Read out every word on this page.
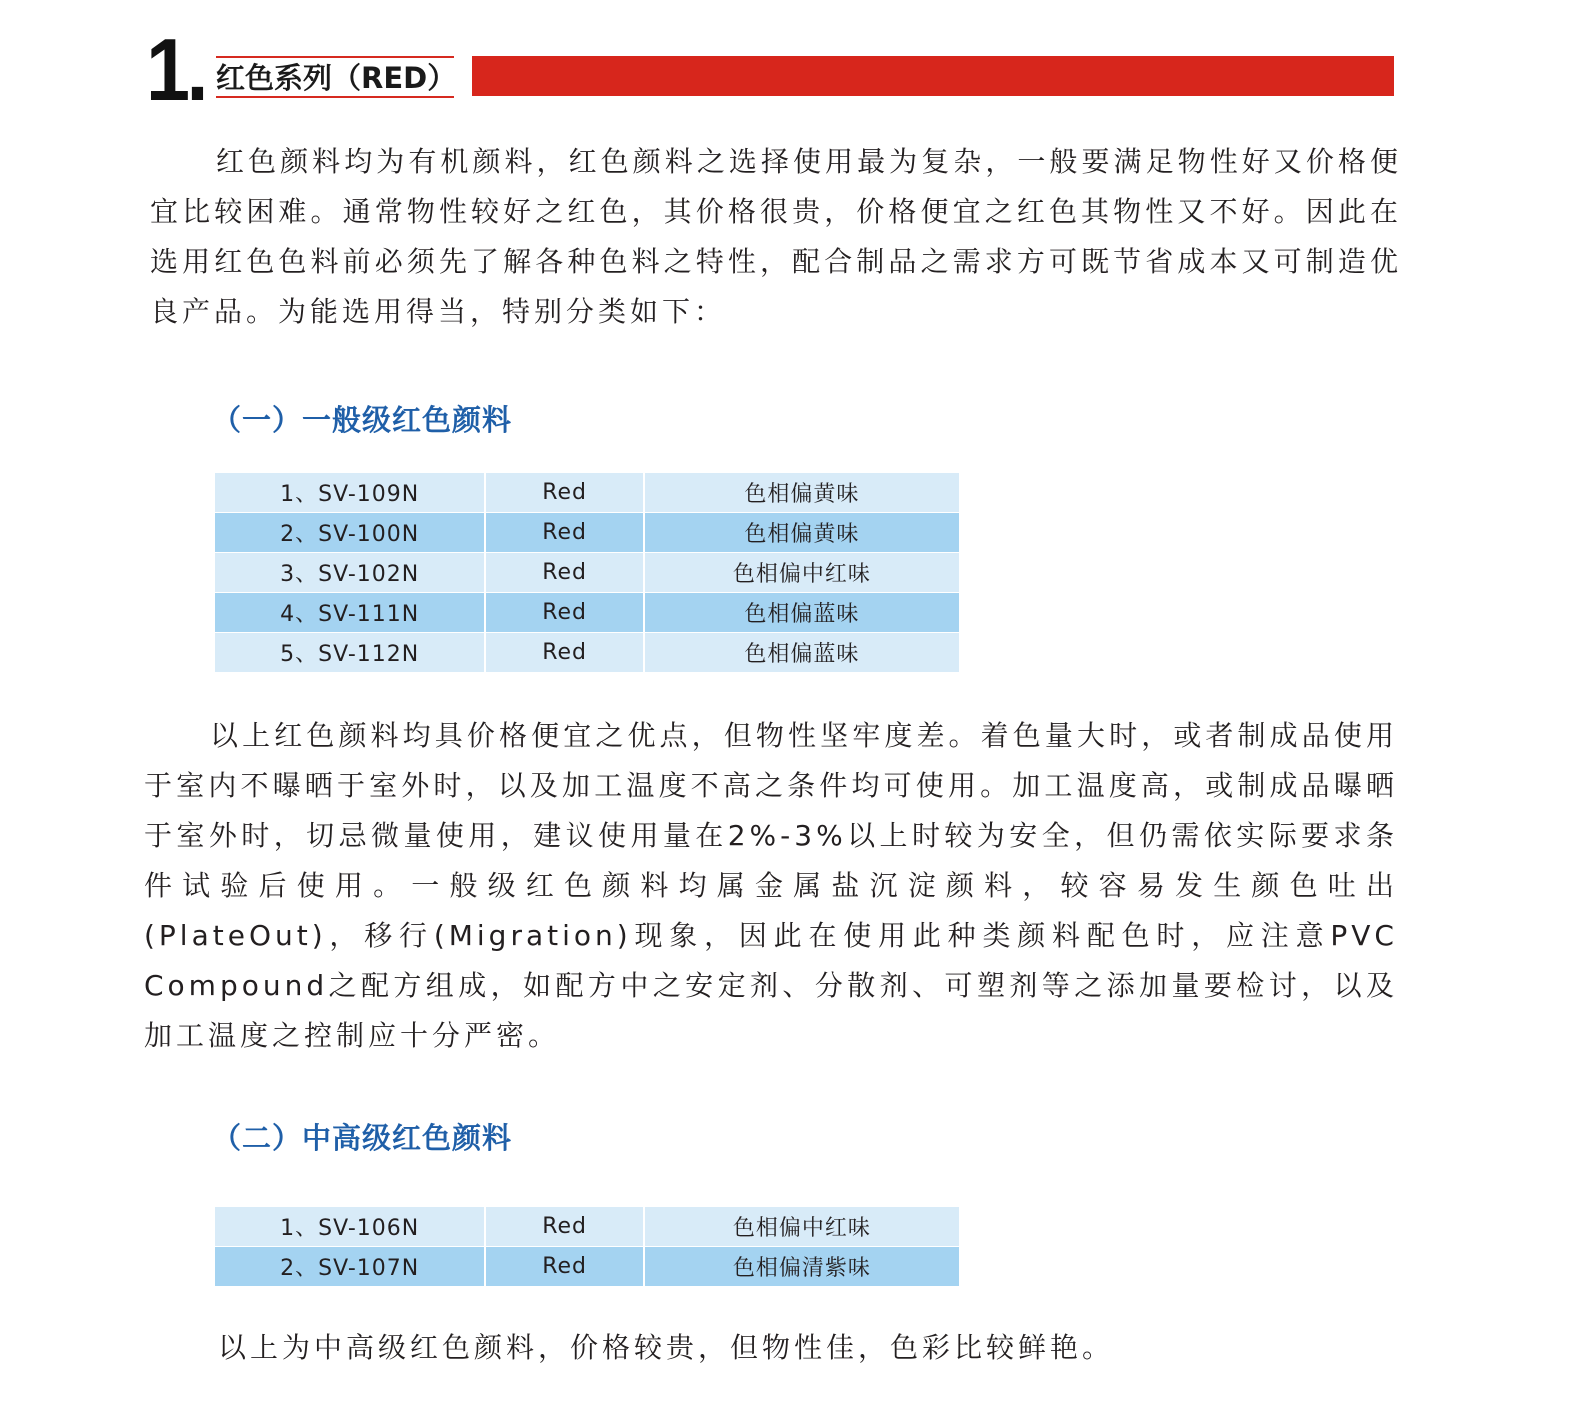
1. 红色系列（RED）

红色颜料均为有机颜料，红色颜料之选择使用最为复杂，一般要满足物性好又价格便宜比较困难。通常物性较好之红色，其价格很贵，价格便宜之红色其物性又不好。因此在选用红色色料前必须先了解各种色料之特性，配合制品之需求方可既节省成本又可制造优良产品。为能选用得当，特别分类如下：

（一）一般级红色颜料
1、SV-109N	Red	色相偏黄味
2、SV-100N	Red	色相偏黄味
3、SV-102N	Red	色相偏中红味
4、SV-111N	Red	色相偏蓝味
5、SV-112N	Red	色相偏蓝味

以上红色颜料均具价格便宜之优点，但物性坚牢度差。着色量大时，或者制成品使用于室内不曝晒于室外时，以及加工温度不高之条件均可使用。加工温度高，或制成品曝晒于室外时，切忌微量使用，建议使用量在2%-3%以上时较为安全，但仍需依实际要求条件试验后使用。一般级红色颜料均属金属盐沉淀颜料，较容易发生颜色吐出(PlateOut)，移行(Migration)现象，因此在使用此种类颜料配色时，应注意PVC Compound之配方组成，如配方中之安定剂、分散剂、可塑剂等之添加量要检讨，以及加工温度之控制应十分严密。

（二）中高级红色颜料
1、SV-106N	Red	色相偏中红味
2、SV-107N	Red	色相偏清紫味

以上为中高级红色颜料，价格较贵，但物性佳，色彩比较鲜艳。
